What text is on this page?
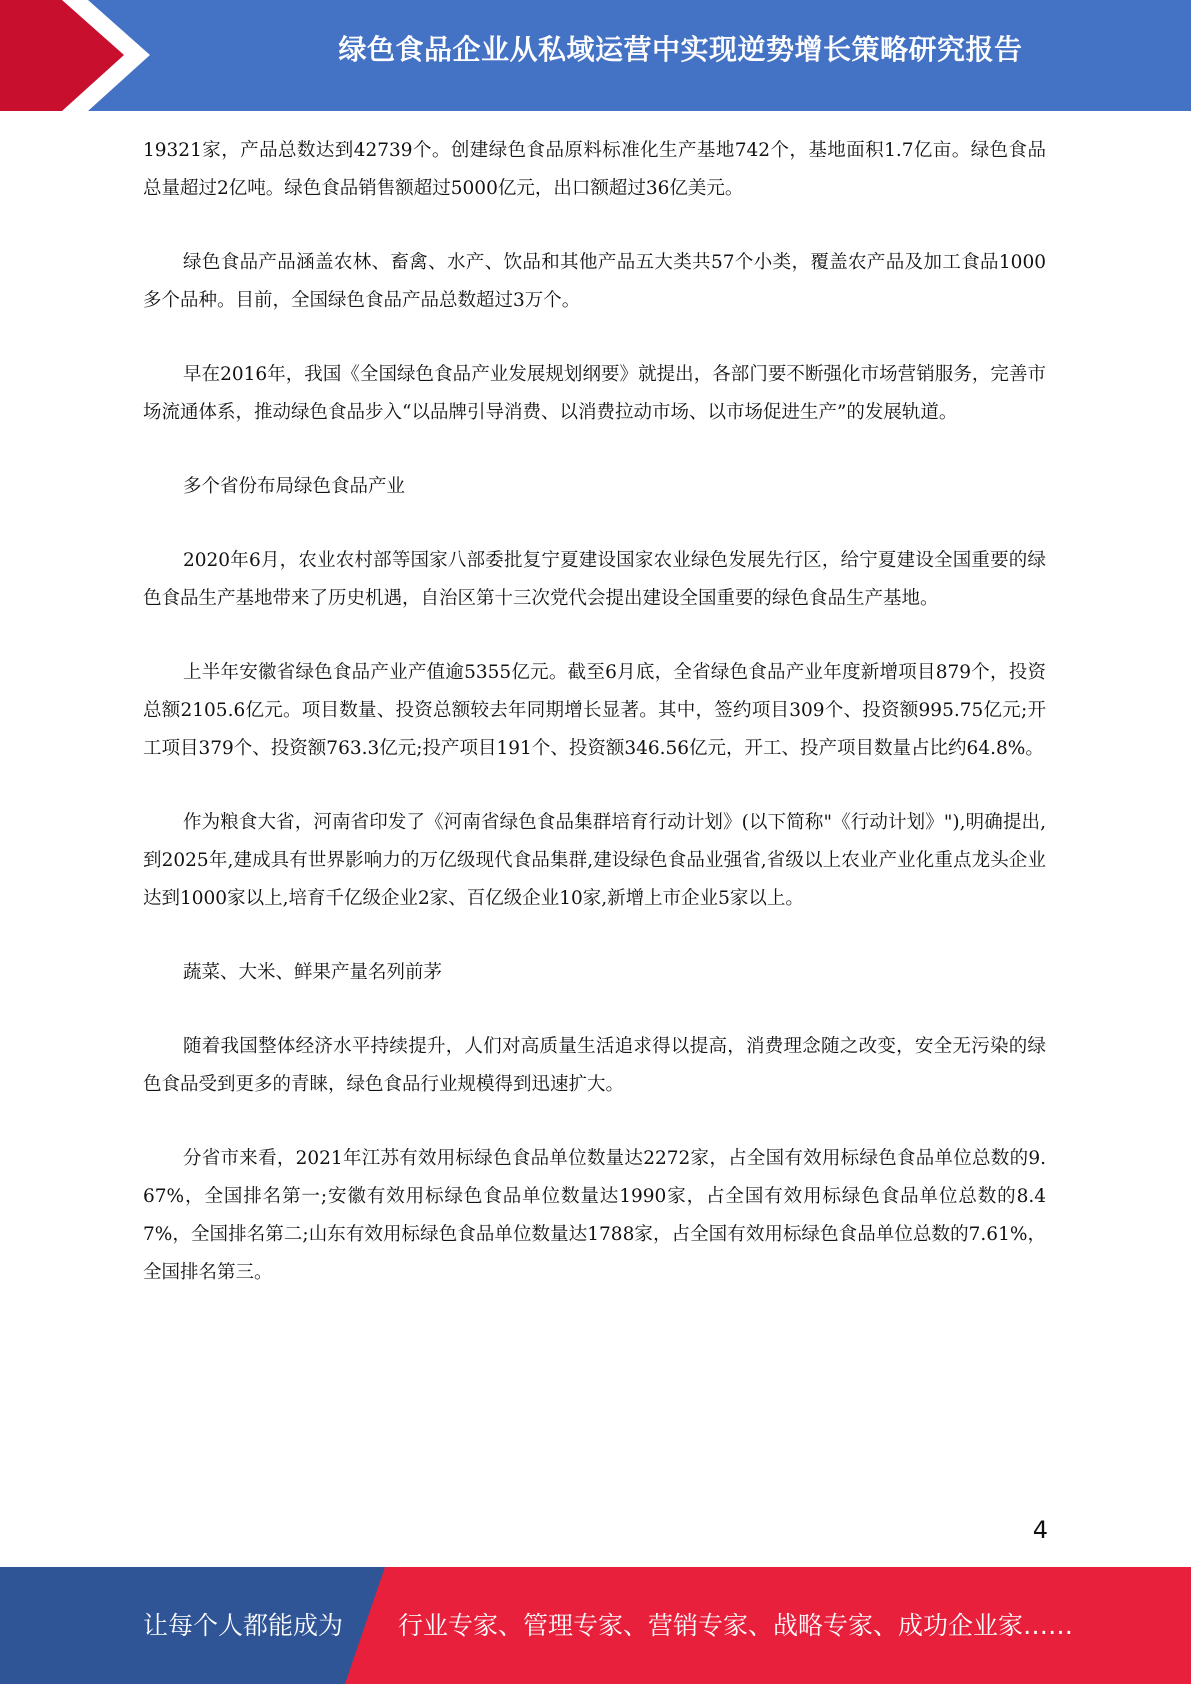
绿色食品企业从私域运营中实现逆势增长策略研究报告

19321家，产品总数达到42739个。创建绿色食品原料标准化生产基地742个，基地面积1.7亿亩。绿色食品总量超过2亿吨。绿色食品销售额超过5000亿元，出口额超过36亿美元。

绿色食品产品涵盖农林、畜禽、水产、饮品和其他产品五大类共57个小类，覆盖农产品及加工食品1000多个品种。目前，全国绿色食品产品总数超过3万个。

早在2016年，我国《全国绿色食品产业发展规划纲要》就提出，各部门要不断强化市场营销服务，完善市场流通体系，推动绿色食品步入“以品牌引导消费、以消费拉动市场、以市场促进生产”的发展轨道。

多个省份布局绿色食品产业

2020年6月，农业农村部等国家八部委批复宁夏建设国家农业绿色发展先行区，给宁夏建设全国重要的绿色食品生产基地带来了历史机遇，自治区第十三次党代会提出建设全国重要的绿色食品生产基地。

上半年安徽省绿色食品产业产值逾5355亿元。截至6月底，全省绿色食品产业年度新增项目879个，投资总额2105.6亿元。项目数量、投资总额较去年同期增长显著。其中，签约项目309个、投资额995.75亿元;开工项目379个、投资额763.3亿元;投产项目191个、投资额346.56亿元，开工、投产项目数量占比约64.8%。

作为粮食大省，河南省印发了《河南省绿色食品集群培育行动计划》(以下简称"《行动计划》"),明确提出,到2025年,建成具有世界影响力的万亿级现代食品集群,建设绿色食品业强省,省级以上农业产业化重点龙头企业达到1000家以上,培育千亿级企业2家、百亿级企业10家,新增上市企业5家以上。

蔬菜、大米、鲜果产量名列前茅

随着我国整体经济水平持续提升，人们对高质量生活追求得以提高，消费理念随之改变，安全无污染的绿色食品受到更多的青睐，绿色食品行业规模得到迅速扩大。

分省市来看，2021年江苏有效用标绿色食品单位数量达2272家，占全国有效用标绿色食品单位总数的9.67%，全国排名第一;安徽有效用标绿色食品单位数量达1990家，占全国有效用标绿色食品单位总数的8.47%，全国排名第二;山东有效用标绿色食品单位数量达1788家，占全国有效用标绿色食品单位总数的7.61%，全国排名第三。

4
让每个人都能成为 行业专家、管理专家、营销专家、战略专家、成功企业家……
